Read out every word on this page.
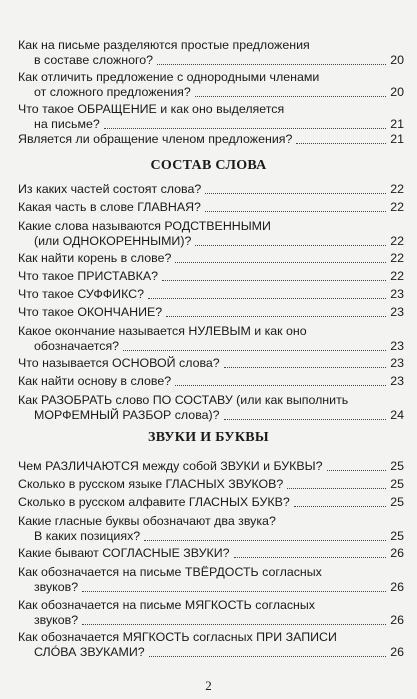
Как на письме разделяются простые предложения
в составе сложного?	20
Как отличить предложение с однородными членами
от сложного предложения?	20
Что такое ОБРАЩЕНИЕ и как оно выделяется
на письме?	21
Является ли обращение членом предложения?	21
СОСТАВ СЛОВА
Из каких частей состоят слова?	22
Какая часть в слове ГЛАВНАЯ?	22
Какие слова называются РОДСТВЕННЫМИ
(или ОДНОКОРЕННЫМИ)?	22
Как найти корень в слове?	22
Что такое ПРИСТАВКА?	22
Что такое СУФФИКС?	23
Что такое ОКОНЧАНИЕ?	23
Какое окончание называется НУЛЕВЫМ и как оно
обозначается?	23
Что называется ОСНОВОЙ слова?	23
Как найти основу в слове?	23
Как РАЗОБРАТЬ слово ПО СОСТАВУ (или как выполнить
МОРФЕМНЫЙ РАЗБОР слова)?	24
ЗВУКИ И БУКВЫ
Чем РАЗЛИЧАЮТСЯ между собой ЗВУКИ и БУКВЫ?	25
Сколько в русском языке ГЛАСНЫХ ЗВУКОВ?	25
Сколько в русском алфавите ГЛАСНЫХ БУКВ?	25
Какие гласные буквы обозначают два звука?
В каких позициях?	25
Какие бывают СОГЛАСНЫЕ ЗВУКИ?	26
Как обозначается на письме ТВЁРДОСТЬ согласных
звуков?	26
Как обозначается на письме МЯГКОСТЬ согласных
звуков?	26
Как обозначается МЯГКОСТЬ согласных ПРИ ЗАПИСИ
СЛÓВА ЗВУКАМИ?	26
2
